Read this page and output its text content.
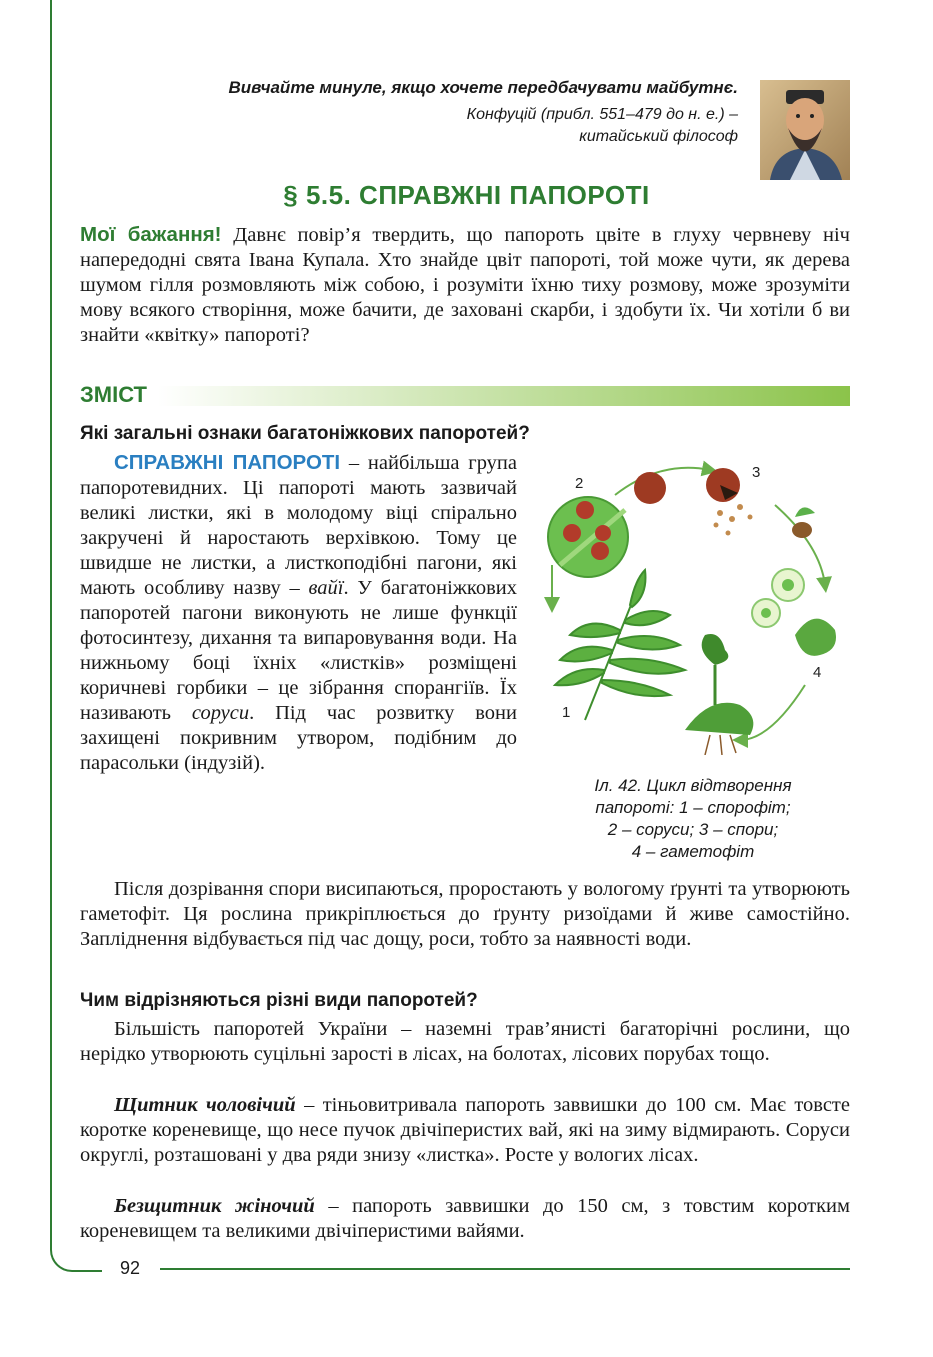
Вивчайте минуле, якщо хочете передбачувати майбутнє.
Конфуцій (прибл. 551–479 до н. е.) –
китайський філософ
§ 5.5. СПРАВЖНІ ПАПОРОТІ
Мої бажання! Давнє повір’я твердить, що папороть цвіте в глуху червневу ніч напередодні свята Івана Купала. Хто знайде цвіт папороті, той може чути, як дерева шумом гілля розмовляють між собою, і розуміти їхню тиху розмову, може зрозуміти мову всякого створіння, може бачити, де заховані скарби, і здобути їх. Чи хотіли б ви знайти «квітку» папороті?
ЗМІСТ
Які загальні ознаки багатоніжкових папоротей?
СПРАВЖНІ ПАПОРОТІ – найбільша група папоротевидних. Ці папороті мають зазвичай великі листки, які в молодому віці спірально закручені й наростають верхівкою. Тому це швидше не листки, а листкоподібні пагони, які мають особливу назву – вайї. У багатоніжкових папоротей пагони виконують не лише функції фотосинтезу, дихання та випаровування води. На нижньому боці їхніх «листків» розміщені коричневі горбики – це зібрання спорангіїв. Їх називають соруси. Під час розвитку вони захищені покривним утвором, подібним до парасольки (індузій).
2
3
4
1
Іл. 42. Цикл відтворення
папороті: 1 – спорофіт;
2 – соруси; 3 – спори;
4 – гаметофіт
Після дозрівання спори висипаються, проростають у вологому ґрунті та утворюють гаметофіт. Ця рослина прикріплюється до ґрунту ризоїдами й живе самостійно. Запліднення відбувається під час дощу, роси, тобто за наявності води.
Чим відрізняються різні види папоротей?
Більшість папоротей України – наземні трав’янисті багаторічні рослини, що нерідко утворюють суцільні зарості в лісах, на болотах, лісових порубах тощо.
Щитник чоловічий – тіньовитривала папороть заввишки до 100 см. Має товсте коротке кореневище, що несе пучок двічіперистих вай, які на зиму відмирають. Соруси округлі, розташовані у два ряди знизу «листка». Росте у вологих лісах.
Безщитник жіночий – папороть заввишки до 150 см, з товстим коротким кореневищем та великими двічіперистими вайями.
92
